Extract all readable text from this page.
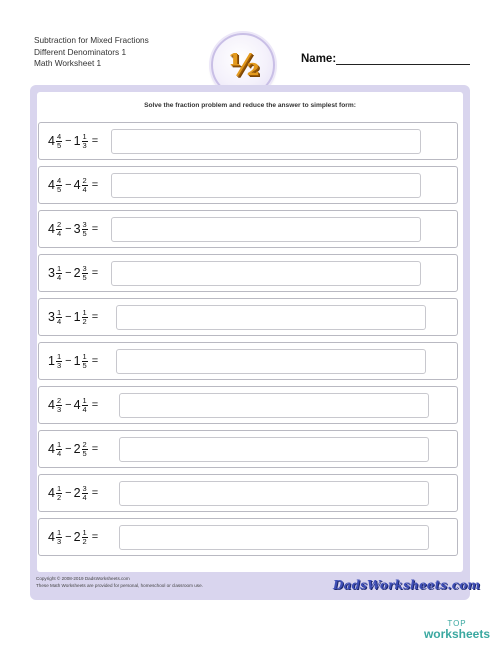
Subtraction for Mixed Fractions
Different Denominators 1
Math Worksheet 1	½	Name:
Solve the fraction problem and reduce the answer to simplest form:
$4 \frac{4}{5} - 1 \frac{1}{3}$ =
$4 \frac{4}{5} - 4 \frac{2}{4}$ =
$4 \frac{2}{4} - 3 \frac{3}{5}$ =
$3 \frac{1}{4} - 2 \frac{3}{5}$ =
$3 \frac{1}{4} - 1 \frac{1}{2}$ =
$1 \frac{1}{3} - 1 \frac{1}{5}$ =
$4 \frac{2}{3} - 4 \frac{1}{4}$ =
$4 \frac{1}{4} - 2 \frac{2}{5}$ =
$4 \frac{1}{2} - 2 \frac{3}{4}$ =
$4 \frac{1}{3} - 2 \frac{1}{2}$ =
Copyright © 2008-2019 DadsWorksheets.com
These Math Worksheets are provided for personal, homeschool or classroom use.	DadsWorksheets.com
TOP
worksheets
